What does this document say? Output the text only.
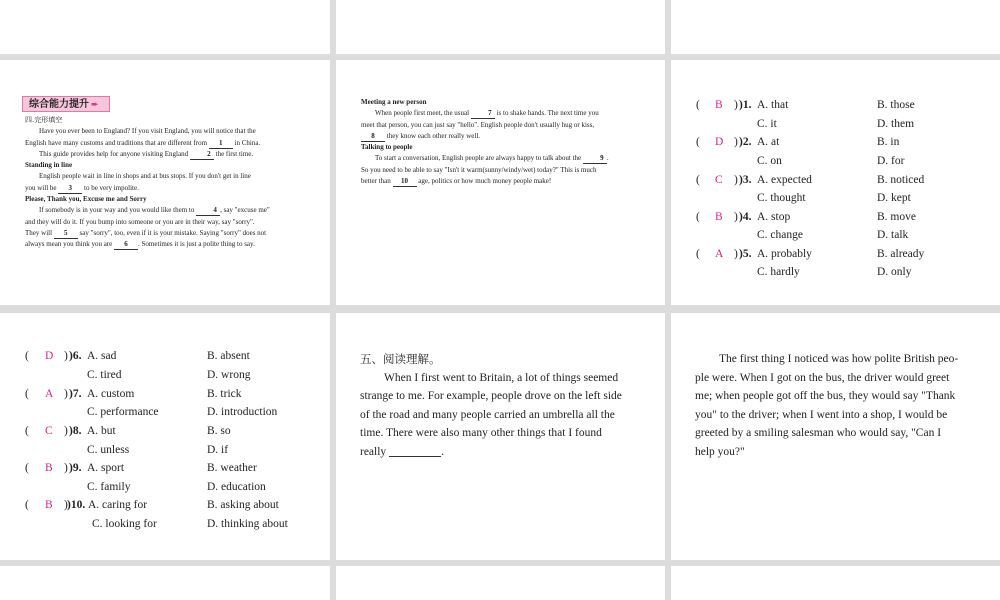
综合能力提升 ➨

四.完形填空

Have you ever been to England? If you visit England, you will notice that the

English have many customs and traditions that are different from 1 in China.

This guide provides help for anyone visiting England	2 the first time.

Standing in line

English people wait in line in shops and at bus stops. If you don't get in line

you will be 3 to be very impolite.

Please, Thank you, Excuse me and Sorry

If somebody is in your way and you would like them to	4 , say "excuse me"

and they will do it. If you bump into someone or you are in their way, say "sorry".

They will 5 say "sorry", too, even if it is your mistake. Saying "sorry" does not

always mean you think you are 6 . Sometimes it is just a polite thing to say.

Meeting a new person

When people first meet, the usual	7 is to shake hands. The next time you

meet that person, you can just say "hello". English people don't usually hug or kiss,

8 they know each other really well.

Talking to people

To start a conversation, English people are always happy to talk about the	9 .

So you need to be able to say "Isn't it warm(sunny/windy/wet) today?" This is much

better than 10 age, politics or how much money people make!

( B ) )1. A. that	B. those
C. it	D. them
( D ) )2. A. at	B. in
C. on	D. for
( C ) )3. A. expected	B. noticed
C. thought	D. kept
( B ) )4. A. stop	B. move
C. change	D. talk
( A ) )5. A. probably	B. already
C. hardly	D. only
( D ) )6. A. sad	B. absent
C. tired	D. wrong
( A ) )7. A. custom	B. trick
C. performance	D. introduction
( C ) )8. A. but	B. so
C. unless	D. if
( B ) )9. A. sport	B. weather
C. family	D. education
( B ) )10. A. caring for	B. asking about
C. looking for	D. thinking about

五、阅读理解。

When I first went to Britain, a lot of things seemed

strange to me. For example, people drove on the left side

of the road and many people carried an umbrella all the

time. There were also many other things that I found

really	.

The first thing I noticed was how polite British peo-

ple were. When I got on the bus, the driver would greet

me; when people got off the bus, they would say "Thank

you" to the driver; when I went into a shop, I would be

greeted by a smiling salesman who would say, "Can I

help you?"
